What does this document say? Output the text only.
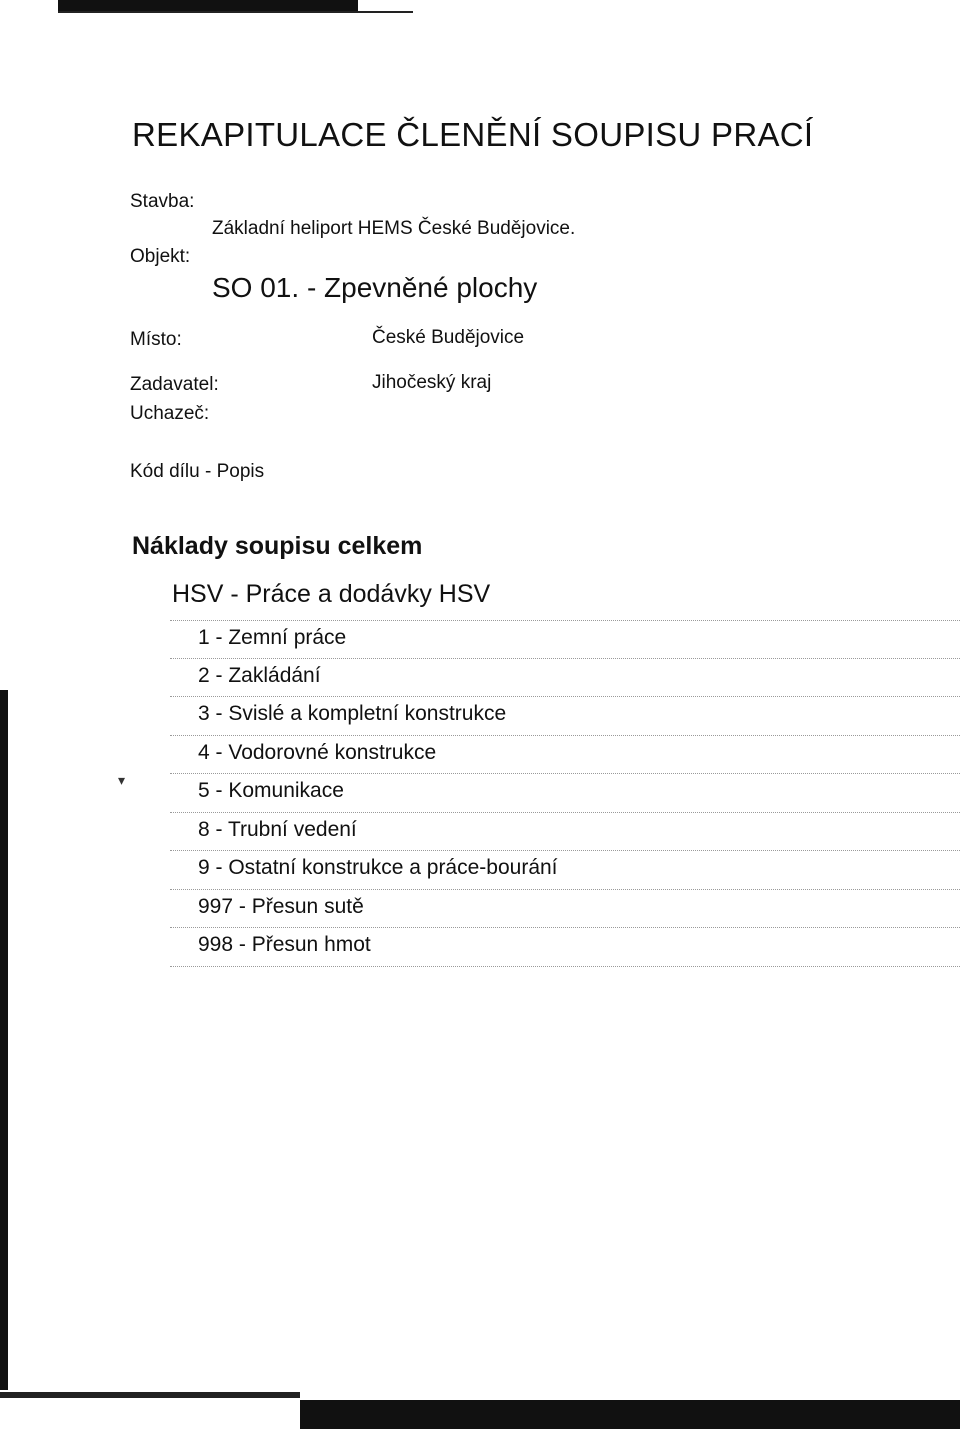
REKAPITULACE ČLENĚNÍ SOUPISU PRACÍ
Stavba:
Základní heliport HEMS České Budějovice.
Objekt:
SO 01. - Zpevněné plochy
Místo:	České Budějovice
Zadavatel:	Jihočeský kraj
Uchazeč:
Kód dílu - Popis
Náklady soupisu celkem
HSV - Práce a dodávky HSV
1 - Zemní práce
2 - Zakládání
3 - Svislé a kompletní konstrukce
4 - Vodorovné konstrukce
5 - Komunikace
8 - Trubní vedení
9 - Ostatní konstrukce a práce-bourání
997 - Přesun sutě
998 - Přesun hmot
▾
